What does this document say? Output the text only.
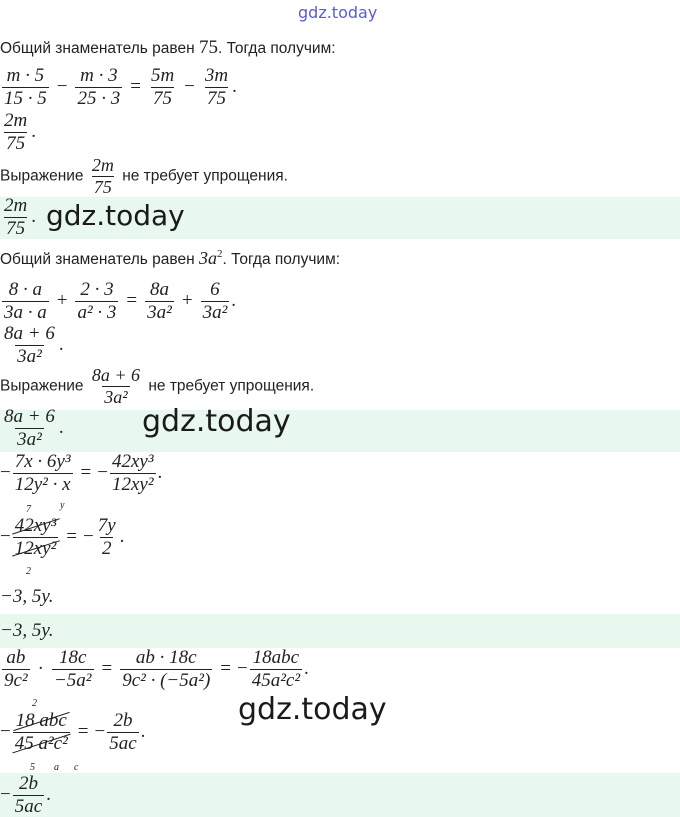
gdz.today
Общий знаменатель равен 75. Тогда получим:
$\frac{m \cdot 5}{15 \cdot 5} - \frac{m \cdot 3}{25 \cdot 3} = \frac{5m}{75} - \frac{3m}{75}$ .
$\frac{2m}{75}$ .
Выражение $\frac{2m}{75}$ не требует упрощения.
$\frac{2m}{75}$ . gdz.today
Общий знаменатель равен $3a^2$. Тогда получим:
$\frac{8 \cdot a}{3a \cdot a} + \frac{2 \cdot 3}{\text{a² · 3}} = \frac{8a}{\text{3a²}} + \frac{6}{\text{3a²}}$ .
$\frac{8a + 6}{\text{3a²}}$ .
Выражение $\frac{8a + 6}{\text{3a²}}$ не требует упрощения.
$\frac{8a + 6}{\text{3a²}}$ .	gdz.today
− $\frac{\text{7x · 6y³}}{\text{12y² · x}}$ = − $\frac{\text{42xy³}}{\text{12xy²}}$ .
− $\frac{\text{42xy³}}{\text{12xy²}}$ = − $\frac{7y}{2}$ .
7	y
2
−3, 5y.
−3, 5y.
$\frac{ab}{\text{9c²}} \cdot \frac{18c}{\text{−5a²}} = \frac{ab \cdot 18c}{\text{9c² · (−5a²)}}$ = − $\frac{\text{18abc}}{\text{45a²c²}}$ .
gdz.today
− $\frac{\text{18 abc}}{\text{45 a²c²}}$ = − $\frac{2b}{5ac}$ .
2
5 a c
− $\frac{2b}{5ac}$ .
